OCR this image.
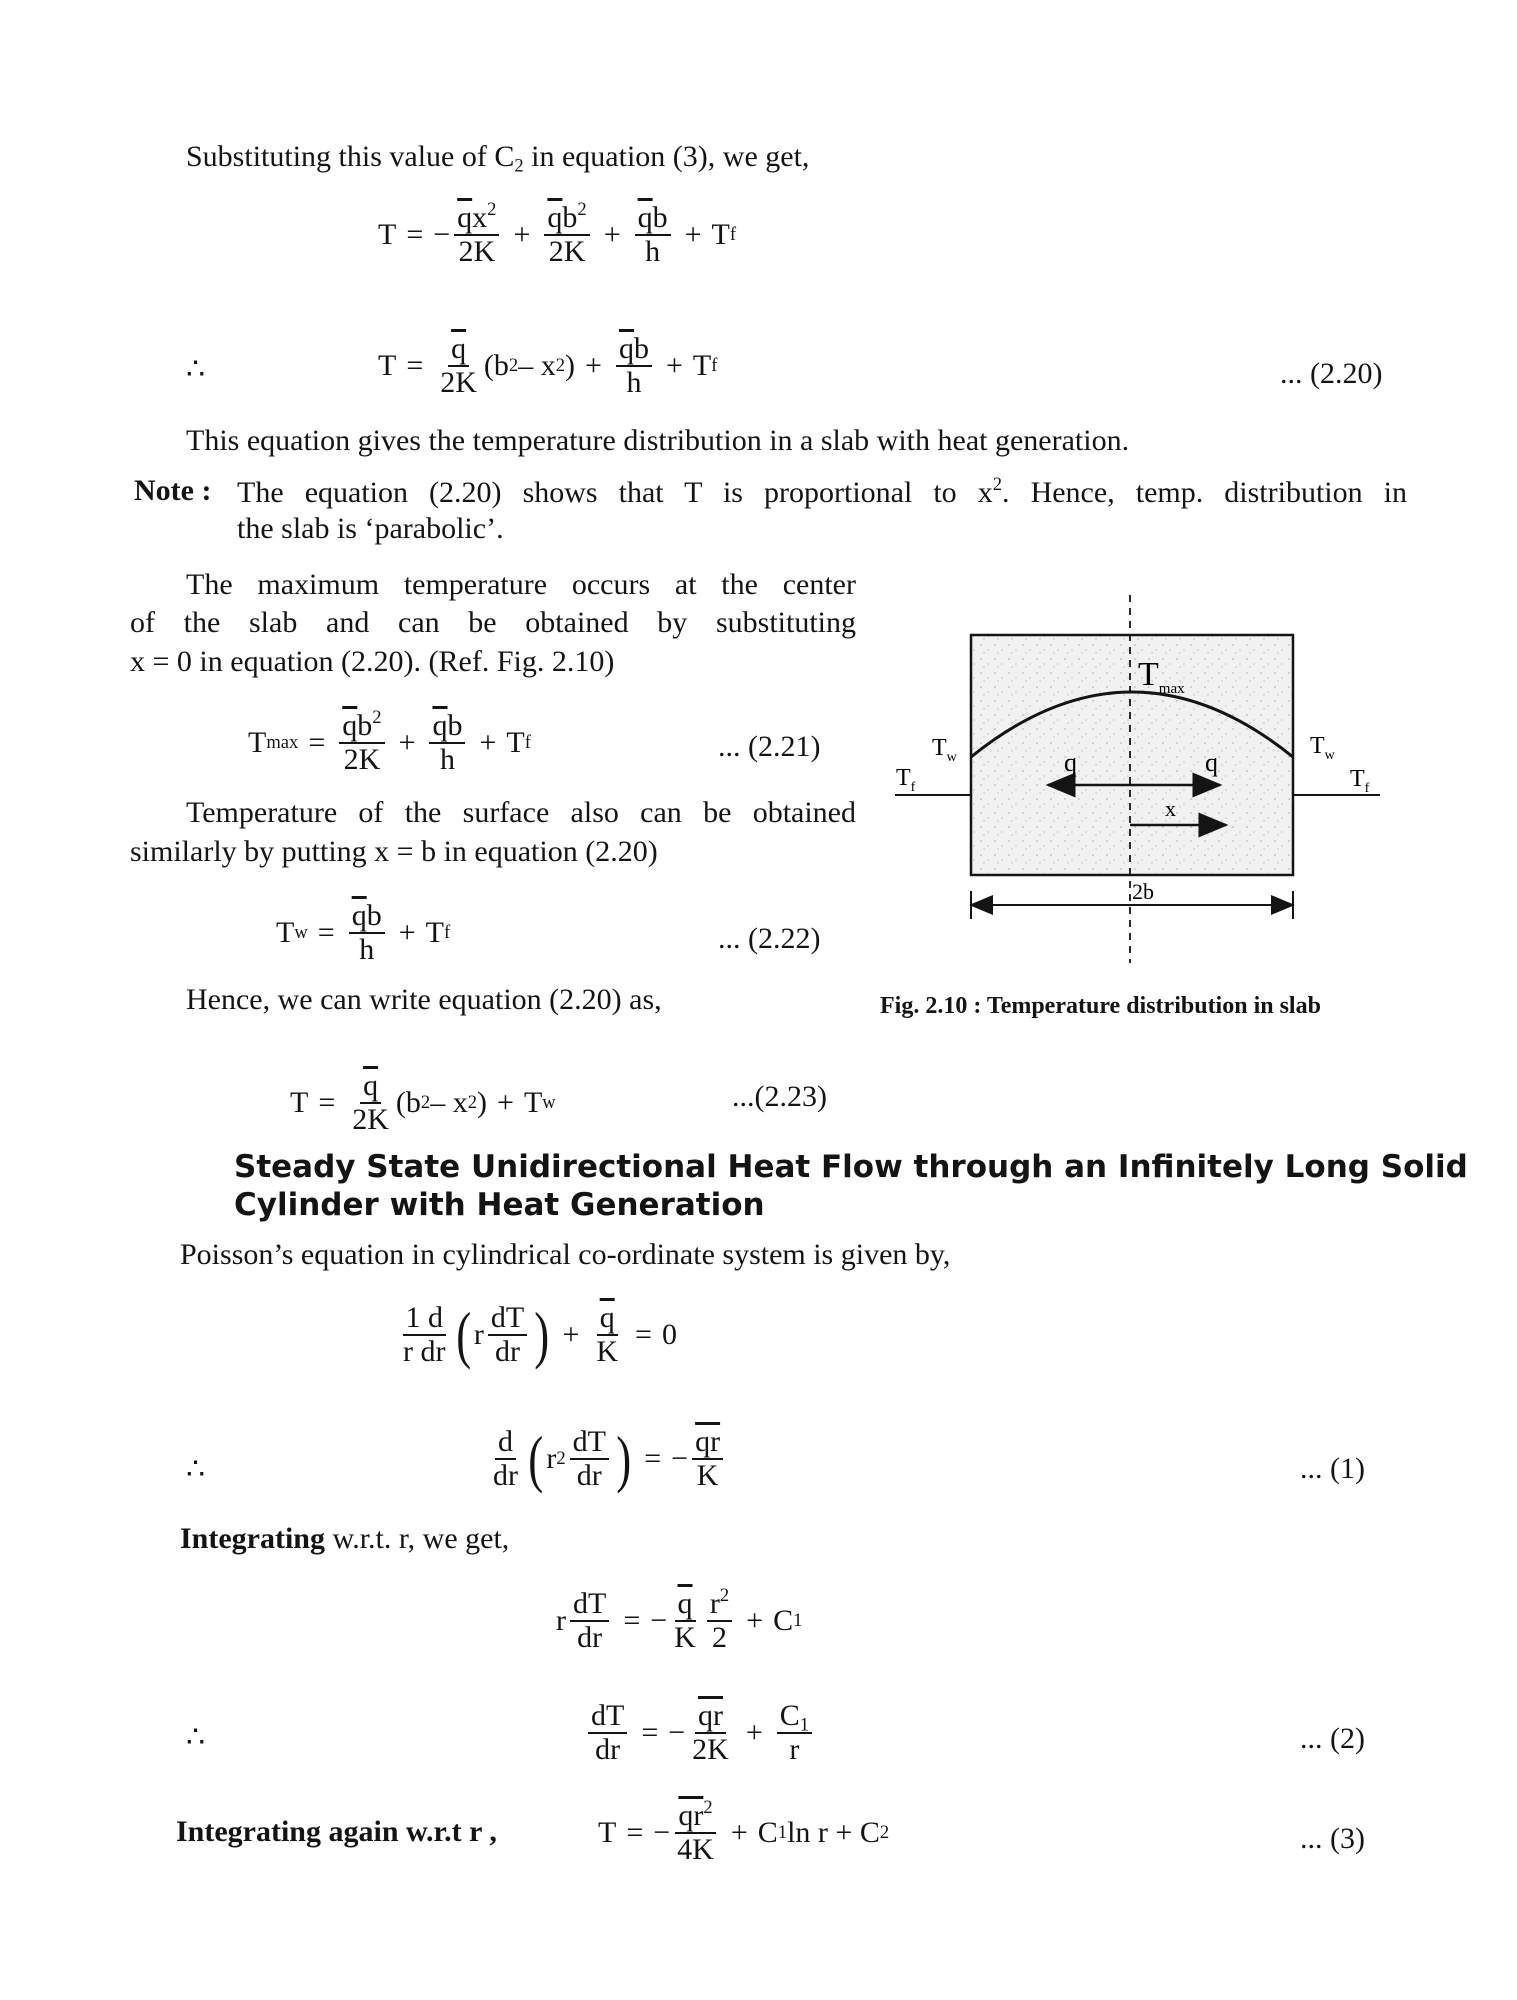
Substituting this value of $C_2$ in equation (3), we get,
T = − $\frac{\overline{q}x^2}{2K} + \frac{\overline{q}b^2}{2K} + \frac{\overline{q}b}{h} + T$ f
∴	$T = \frac{\overline{q}}{2K} (b$ 2 – x 2 ) + $\frac{\overline{q}b}{h} + T$ f	... (2.20)
This equation gives the temperature distribution in a slab with heat generation.
Note : The equation (2.20) shows that T is proportional to $x^2$. Hence, temp. distribution in
the slab is ‘parabolic’.
The maximum temperature occurs at the center
of the slab and can be obtained by substituting
x = 0 in equation (2.20). (Ref. Fig. 2.10)
T $\max = \frac{\overline{q}b^2}{2K} + \frac{\overline{q}b}{h} + T$ f	... (2.21)
Temperature of the surface also can be obtained
similarly by putting x = b in equation (2.20)
T $w = \frac{\overline{q}b}{h} + T$ f	... (2.22)
Hence, we can write equation (2.20) as,
$T = \frac{\overline{q}}{2K} (b$ 2 – x 2 ) + T w	...(2.23)
$T_{max}$
$T_w$	$T_w$
$T_f$	$T_f$
q	q
x
2b
Fig. 2.10 : Temperature distribution in slab
Steady State Unidirectional Heat Flow through an Infinitely Long Solid
Cylinder with Heat Generation
Poisson’s equation in cylindrical co-ordinate system is given by,
$\frac{1 d}{\text{r dr}}$ ( r $\frac{dT}{dr}$ ) + $\frac{\overline{q}}{K} = 0$
∴	$\frac{d}{dr}$ ( r $2 \frac{dT}{dr}$ ) = − $\frac{\overline{qr}}{K}$	... (1)
Integrating w.r.t. r, we get,
r $\frac{dT}{dr}$ = − $\frac{\overline{q}}{K} \frac{r^2}{2} + C$ 1
∴	$\frac{dT}{dr}$ = − $\frac{\overline{qr}}{2K} + \frac{C_1}{r}$	... (2)
Integrating again w.r.t r ,	T = − $\frac{\overline{qr}^2}{4K} + C$ 1 ln r + C 2	... (3)
